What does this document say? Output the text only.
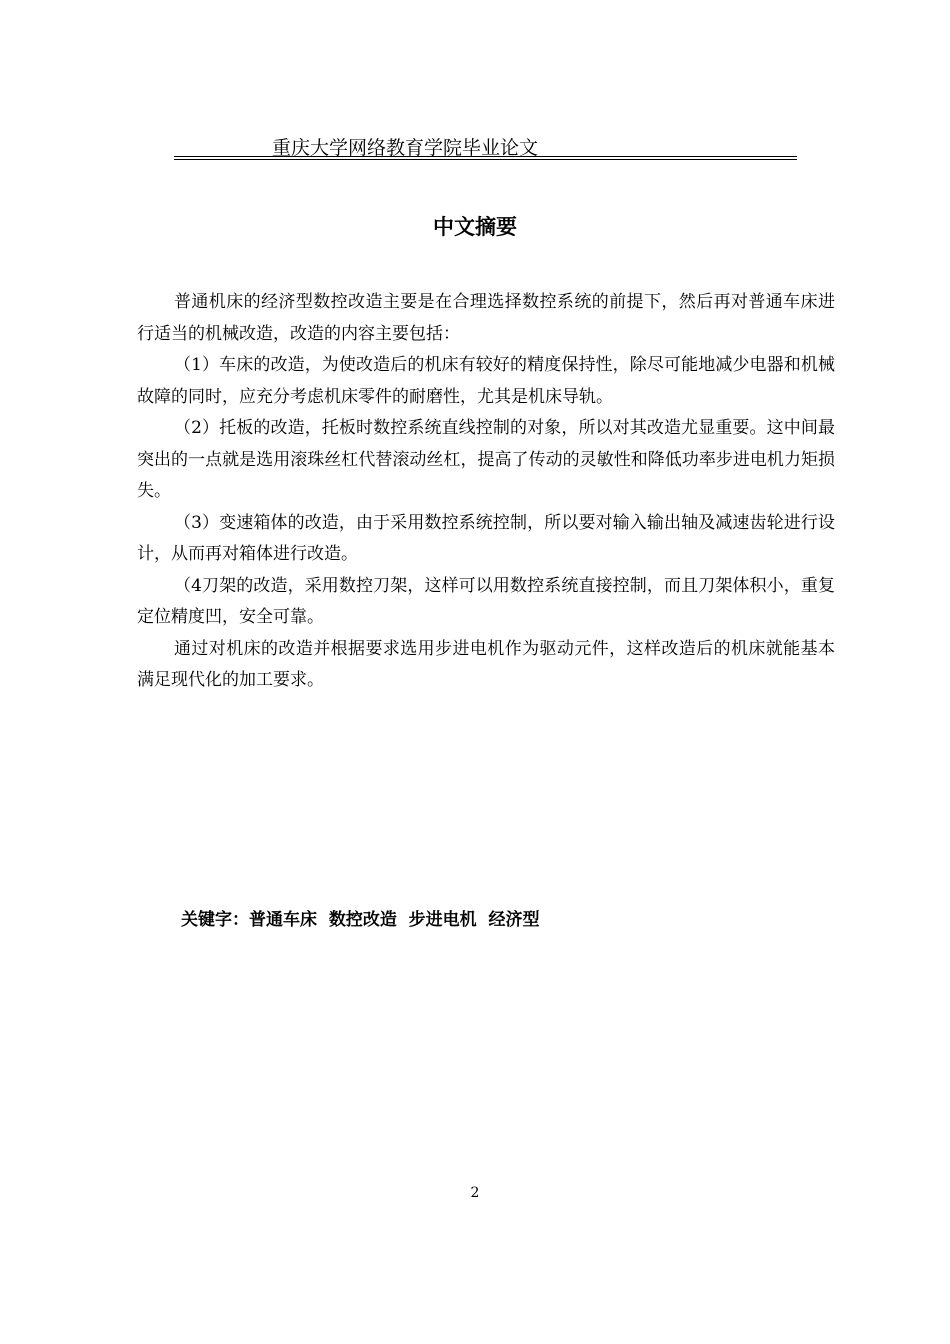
重庆大学网络教育学院毕业论文
中文摘要

普通机床的经济型数控改造主要是在合理选择数控系统的前提下，然后再对普通车床进行适当的机械改造，改造的内容主要包括：

（1）车床的改造，为使改造后的机床有较好的精度保持性，除尽可能地减少电器和机械故障的同时，应充分考虑机床零件的耐磨性，尤其是机床导轨。

（2）托板的改造，托板时数控系统直线控制的对象，所以对其改造尤显重要。这中间最突出的一点就是选用滚珠丝杠代替滚动丝杠，提高了传动的灵敏性和降低功率步进电机力矩损失。

（3）变速箱体的改造，由于采用数控系统控制，所以要对输入输出轴及减速齿轮进行设计，从而再对箱体进行改造。

（4刀架的改造，采用数控刀架，这样可以用数控系统直接控制，而且刀架体积小，重复定位精度凹，安全可靠。

通过对机床的改造并根据要求选用步进电机作为驱动元件，这样改造后的机床就能基本满足现代化的加工要求。

关键字：普通车床  数控改造  步进电机  经济型
2
